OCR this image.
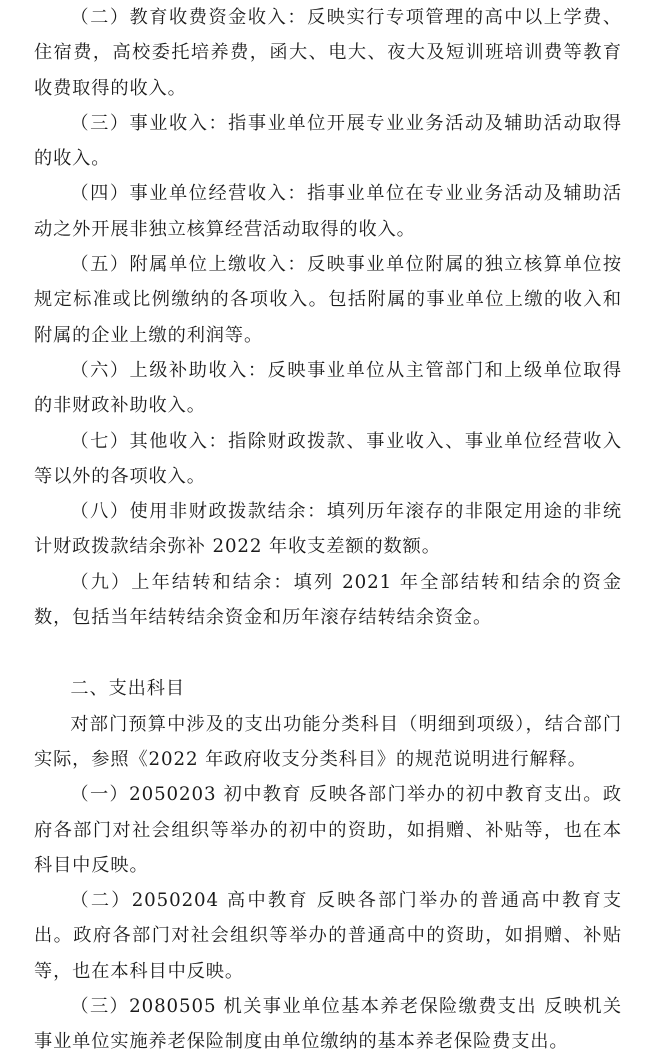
（二）教育收费资金收入：反映实行专项管理的高中以上学费、住宿费，高校委托培养费，函大、电大、夜大及短训班培训费等教育收费取得的收入。

（三）事业收入：指事业单位开展专业业务活动及辅助活动取得的收入。

（四）事业单位经营收入：指事业单位在专业业务活动及辅助活动之外开展非独立核算经营活动取得的收入。

（五）附属单位上缴收入：反映事业单位附属的独立核算单位按规定标准或比例缴纳的各项收入。包括附属的事业单位上缴的收入和附属的企业上缴的利润等。

（六）上级补助收入：反映事业单位从主管部门和上级单位取得的非财政补助收入。

（七）其他收入：指除财政拨款、事业收入、事业单位经营收入等以外的各项收入。

（八）使用非财政拨款结余：填列历年滚存的非限定用途的非统计财政拨款结余弥补 2022 年收支差额的数额。

（九）上年结转和结余：填列 2021 年全部结转和结余的资金数，包括当年结转结余资金和历年滚存结转结余资金。

二、支出科目

对部门预算中涉及的支出功能分类科目（明细到项级），结合部门实际，参照《2022 年政府收支分类科目》的规范说明进行解释。

（一）2050203 初中教育 反映各部门举办的初中教育支出。政府各部门对社会组织等举办的初中的资助，如捐赠、补贴等，也在本科目中反映。

（二）2050204 高中教育 反映各部门举办的普通高中教育支出。政府各部门对社会组织等举办的普通高中的资助，如捐赠、补贴等，也在本科目中反映。

（三）2080505 机关事业单位基本养老保险缴费支出 反映机关事业单位实施养老保险制度由单位缴纳的基本养老保险费支出。
